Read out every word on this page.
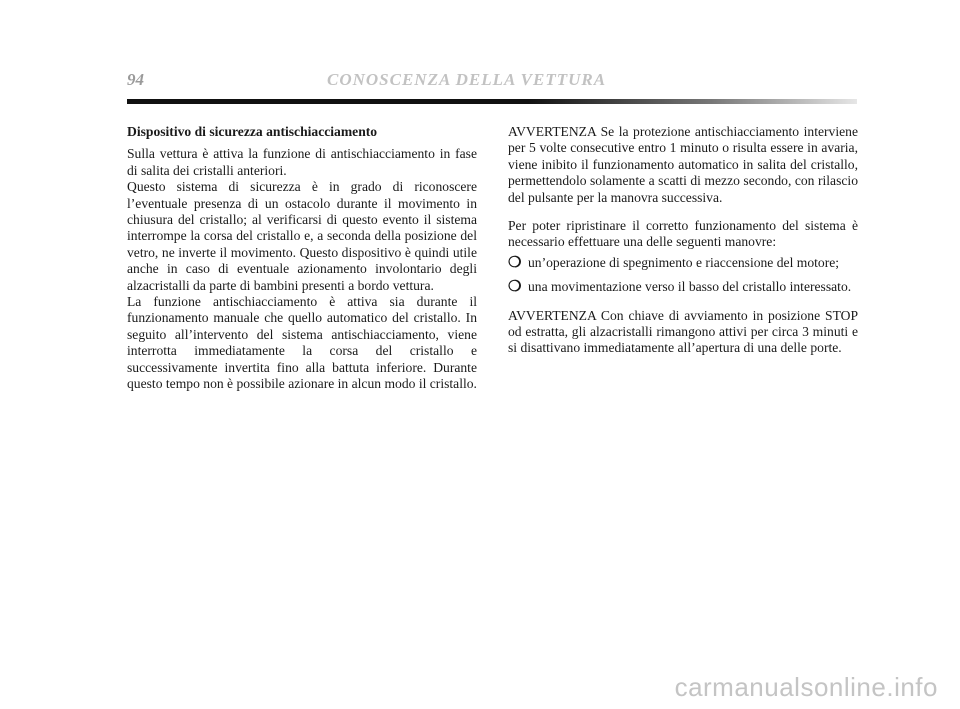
94	CONOSCENZA DELLA VETTURA

Dispositivo di sicurezza antischiacciamento

Sulla vettura è attiva la funzione di antischiacciamento in fase di salita dei cristalli anteriori.

Questo sistema di sicurezza è in grado di riconoscere l’eventuale presenza di un ostacolo durante il movimento in chiusura del cristallo; al verificarsi di questo evento il sistema interrompe la corsa del cristallo e, a seconda della posizione del vetro, ne inverte il movimento. Questo dispositivo è quindi utile anche in caso di eventuale azionamento involontario degli alzacristalli da parte di bambini presenti a bordo vettura.

La funzione antischiacciamento è attiva sia durante il funzionamento manuale che quello automatico del cristallo. In seguito all’intervento del sistema antischiacciamento, viene interrotta immediatamente la corsa del cristallo e successivamente invertita fino alla battuta inferiore. Durante questo tempo non è possibile azionare in alcun modo il cristallo.

AVVERTENZA Se la protezione antischiacciamento interviene per 5 volte consecutive entro 1 minuto o risulta essere in avaria, viene inibito il funzionamento automatico in salita del cristallo, permettendolo solamente a scatti di mezzo secondo, con rilascio del pulsante per la manovra successiva.

Per poter ripristinare il corretto funzionamento del sistema è necessario effettuare una delle seguenti manovre:

❍ un’operazione di spegnimento e riaccensione del motore;
❍ una movimentazione verso il basso del cristallo interessato.

AVVERTENZA Con chiave di avviamento in posizione STOP od estratta, gli alzacristalli rimangono attivi per circa 3 minuti e si disattivano immediatamente all’apertura di una delle porte.

carmanualsonline.info
